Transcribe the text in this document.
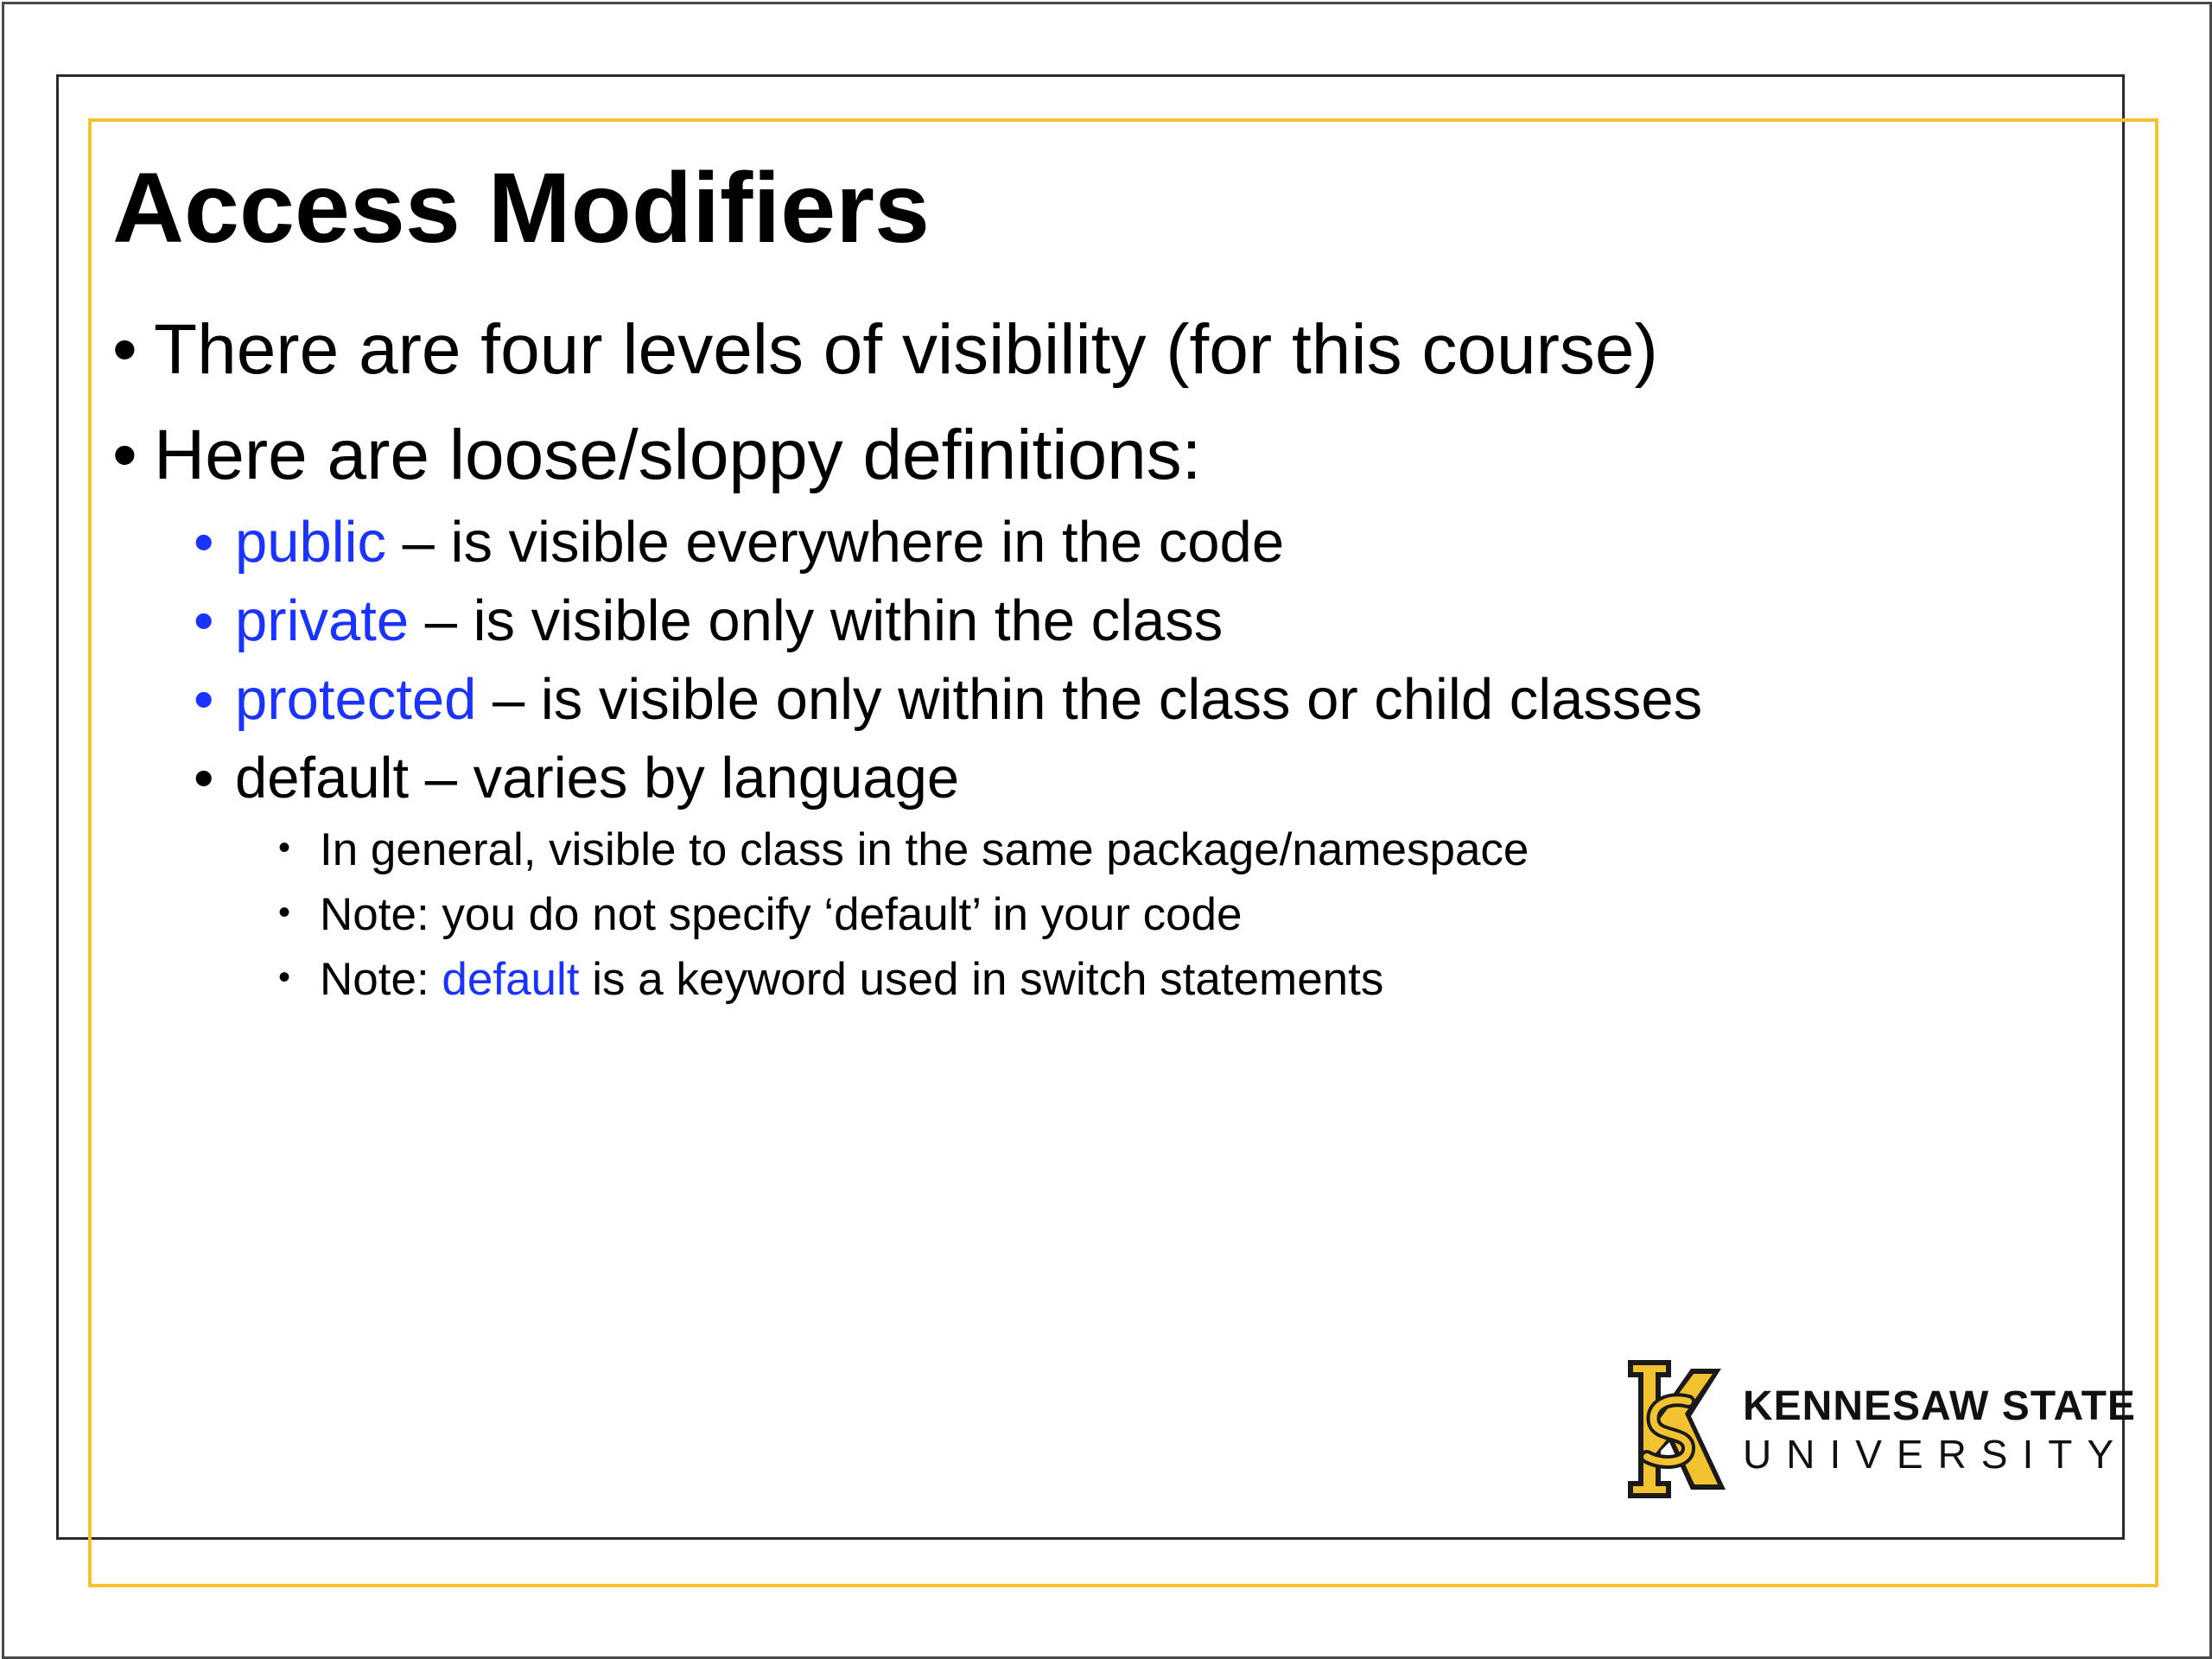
Access Modifiers
• There are four levels of visibility (for this course)
• Here are loose/sloppy definitions:
• public – is visible everywhere in the code
• private – is visible only within the class
• protected – is visible only within the class or child classes
• default – varies by language
• In general, visible to class in the same package/namespace
• Note: you do not specify ‘default’ in your code
• Note: default is a keyword used in switch statements
KENNESAW STATE
UNIVERSITY
